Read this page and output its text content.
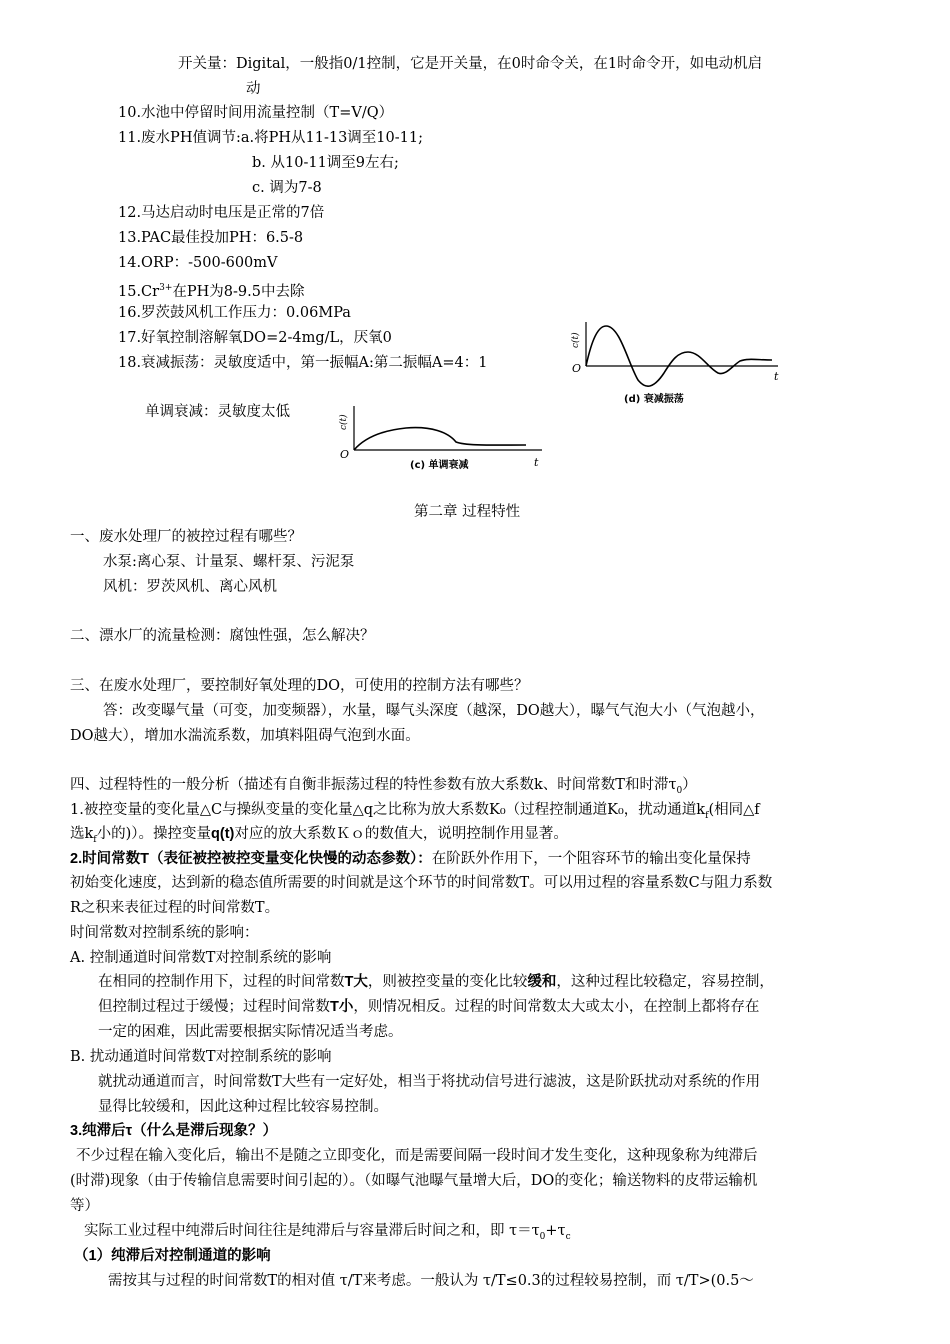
开关量：Digital，一般指0/1控制，它是开关量，在0时命令关，在1时命令开，如电动机启
动
10.水池中停留时间用流量控制（T=V/Q）
11.废水PH值调节:a.将PH从11-13调至10-11;
b. 从10-11调至9左右;
c. 调为7-8
12.马达启动时电压是正常的7倍
13.PAC最佳投加PH：6.5-8
14.ORP：-500-600mV
$15.Cr^{3+}$在PH为8-9.5中去除
16.罗茨鼓风机工作压力：0.06MPa
17.好氧控制溶解氧DO=2-4mg/L，厌氧0
18.衰减振荡：灵敏度适中，第一振幅A:第二振幅A=4：1
单调衰减：灵敏度太低
c(t)
O
t
(d) 衰减振荡
c(t)
O
t
(c) 单调衰减
第二章 过程特性
一、废水处理厂的被控过程有哪些？
水泵:离心泵、计量泵、螺杆泵、污泥泵
风机：罗茨风机、离心风机
二、漂水厂的流量检测：腐蚀性强，怎么解决？
三、在废水处理厂，要控制好氧处理的DO，可使用的控制方法有哪些？
答：改变曝气量（可变，加变频器），水量，曝气头深度（越深，DO越大），曝气气泡大小（气泡越小，
DO越大），增加水湍流系数，加填料阻碍气泡到水面。
四、过程特性的一般分析（描述有自衡非振荡过程的特性参数有放大系数k、时间常数T和时滞$\tau_0$）
1.被控变量的变化量△C与操纵变量的变化量△q之比称为放大系数K₀（过程控制通道K₀，扰动通道$k_f$(相同△f
选$k_f$小的)）。操控变量q(t)对应的放大系数Ｋｏ的数值大，说明控制作用显著。
2.时间常数T（表征被控被控变量变化快慢的动态参数）：在阶跃外作用下，一个阻容环节的输出变化量保持
初始变化速度，达到新的稳态值所需要的时间就是这个环节的时间常数T。可以用过程的容量系数C与阻力系数
R之积来表征过程的时间常数T。
时间常数对控制系统的影响：
A. 控制通道时间常数T对控制系统的影响
在相同的控制作用下，过程的时间常数T大，则被控变量的变化比较缓和，这种过程比较稳定，容易控制，
但控制过程过于缓慢；过程时间常数T小，则情况相反。过程的时间常数太大或太小，在控制上都将存在
一定的困难，因此需要根据实际情况适当考虑。
B. 扰动通道时间常数T对控制系统的影响
就扰动通道而言，时间常数T大些有一定好处，相当于将扰动信号进行滤波，这是阶跃扰动对系统的作用
显得比较缓和，因此这种过程比较容易控制。
3.纯滞后τ（什么是滞后现象？）
不少过程在输入变化后，输出不是随之立即变化，而是需要间隔一段时间才发生变化，这种现象称为纯滞后
(时滞)现象（由于传输信息需要时间引起的）。（如曝气池曝气量增大后，DO的变化；输送物料的皮带运输机
等）
实际工业过程中纯滞后时间往往是纯滞后与容量滞后时间之和，即 $\tau=\tau_0+\tau_c$
（1）纯滞后对控制通道的影响
需按其与过程的时间常数T的相对值 τ/T来考虑。一般认为 τ/T≤0.3的过程较易控制，而 τ/T>(0.5～
